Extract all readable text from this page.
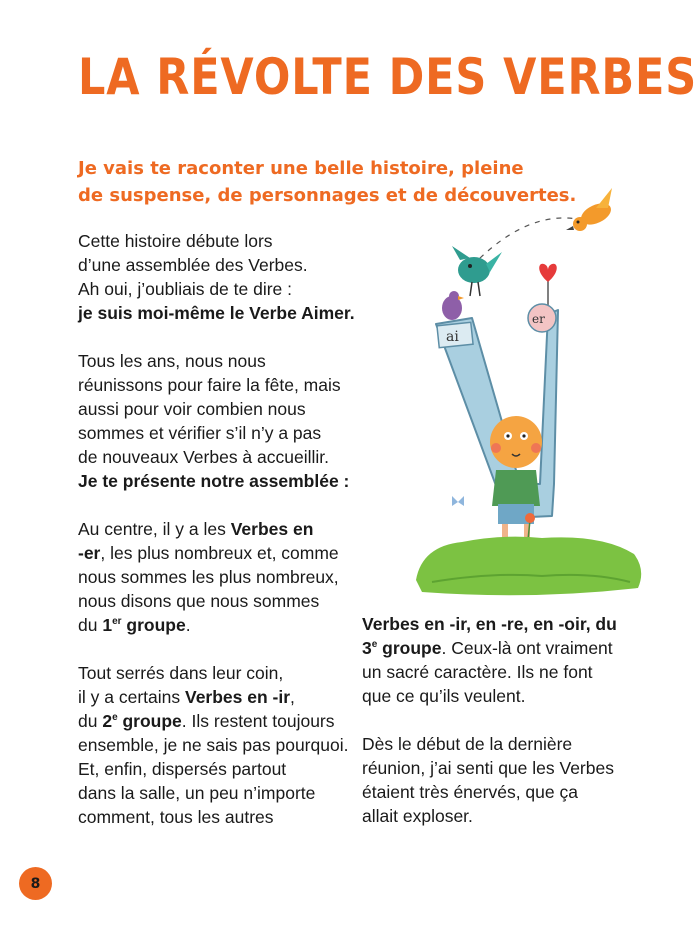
LA RÉVOLTE DES VERBES
Je vais te raconter une belle histoire, pleine
de suspense, de personnages et de découvertes.
Cette histoire débute lors
d’une assemblée des Verbes.
Ah oui, j’oubliais de te dire :
je suis moi-même le Verbe Aimer.
Tous les ans, nous nous
réunissons pour faire la fête, mais
aussi pour voir combien nous
sommes et vérifier s’il n’y a pas
de nouveaux Verbes à accueillir.
Je te présente notre assemblée :
Au centre, il y a les Verbes en
-er, les plus nombreux et, comme
nous sommes les plus nombreux,
nous disons que nous sommes
du 1er groupe.
Tout serrés dans leur coin,
il y a certains Verbes en -ir,
du 2e groupe. Ils restent toujours
ensemble, je ne sais pas pourquoi.
Et, enfin, dispersés partout
dans la salle, un peu n’importe
comment, tous les autres
Verbes en -ir, en -re, en -oir, du
3e groupe. Ceux-là ont vraiment
un sacré caractère. Ils ne font
que ce qu’ils veulent.
Dès le début de la dernière
réunion, j’ai senti que les Verbes
étaient très énervés, que ça
allait exploser.
ai
er
8
